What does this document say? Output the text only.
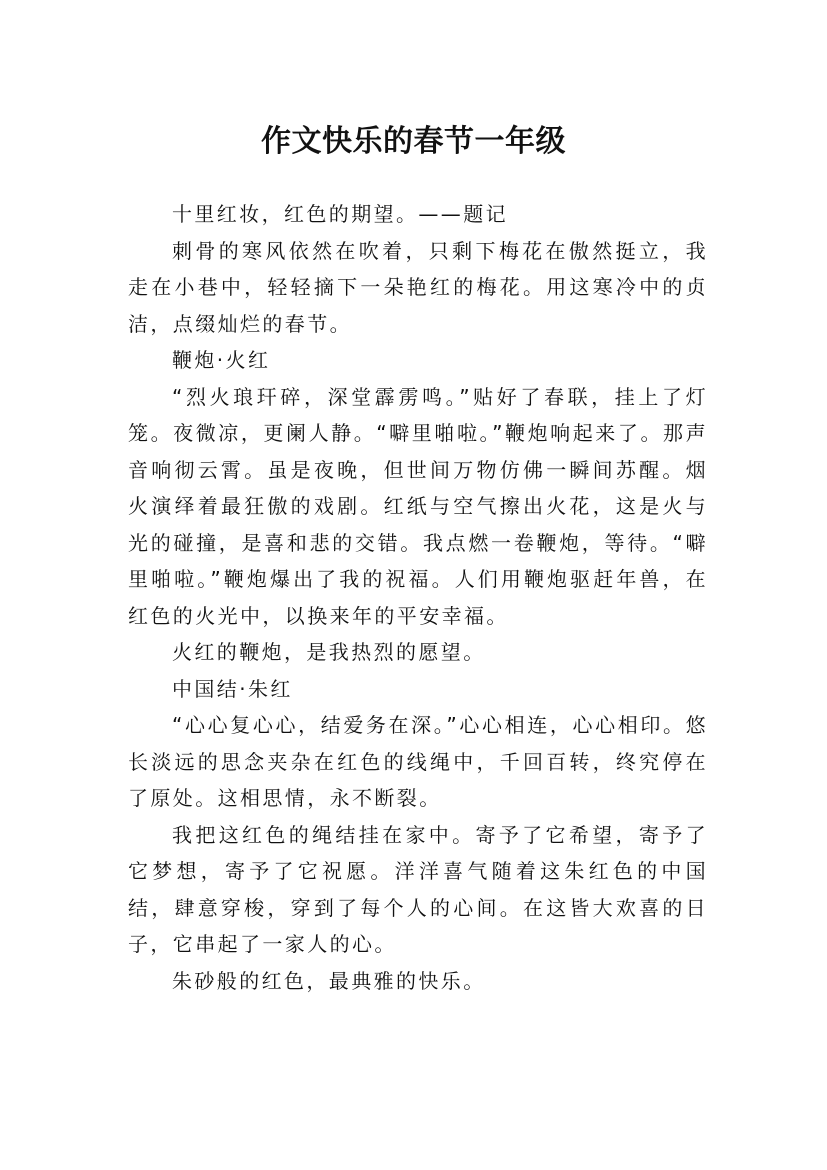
作文快乐的春节一年级

十里红妆，红色的期望。——题记

刺骨的寒风依然在吹着，只剩下梅花在傲然挺立，我走在小巷中，轻轻摘下一朵艳红的梅花。用这寒冷中的贞洁，点缀灿烂的春节。

鞭炮·火红

“烈火琅玕碎，深堂霹雳鸣。”贴好了春联，挂上了灯笼。夜微凉，更阑人静。“噼里啪啦。”鞭炮响起来了。那声音响彻云霄。虽是夜晚，但世间万物仿佛一瞬间苏醒。烟火演绎着最狂傲的戏剧。红纸与空气擦出火花，这是火与光的碰撞，是喜和悲的交错。我点燃一卷鞭炮，等待。“噼里啪啦。”鞭炮爆出了我的祝福。人们用鞭炮驱赶年兽，在红色的火光中，以换来年的平安幸福。

火红的鞭炮，是我热烈的愿望。

中国结·朱红

“心心复心心，结爱务在深。”心心相连，心心相印。悠长淡远的思念夹杂在红色的线绳中，千回百转，终究停在了原处。这相思情，永不断裂。

我把这红色的绳结挂在家中。寄予了它希望，寄予了它梦想，寄予了它祝愿。洋洋喜气随着这朱红色的中国结，肆意穿梭，穿到了每个人的心间。在这皆大欢喜的日子，它串起了一家人的心。

朱砂般的红色，最典雅的快乐。
